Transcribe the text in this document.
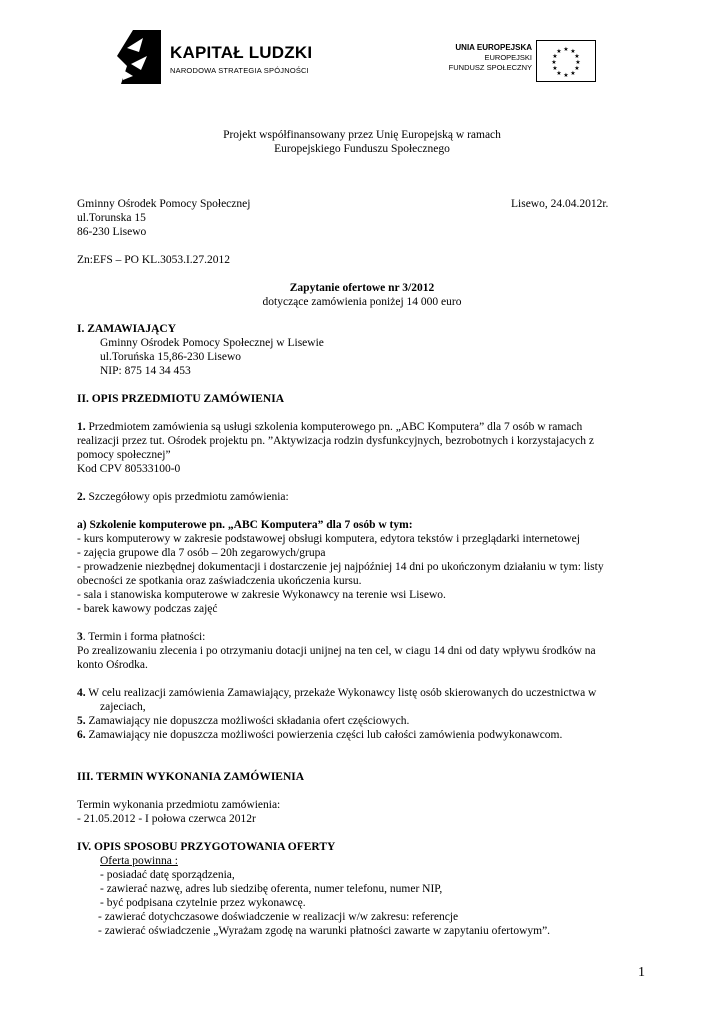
KAPITAŁ LUDZKI
NARODOWA STRATEGIA SPÓJNOŚCI
UNIA EUROPEJSKA
EUROPEJSKI
FUNDUSZ SPOŁECZNY
★ ★
★
★
★
★
★
★
★
★
★
★
Projekt współfinansowany przez Unię Europejską w ramach
Europejskiego Funduszu Społecznego
Gminny Ośrodek Pomocy Społecznej	Lisewo, 24.04.2012r.
ul.Torunska 15
86-230 Lisewo
Zn:EFS – PO KL.3053.I.27.2012
Zapytanie ofertowe nr 3/2012
dotyczące zamówienia poniżej 14 000 euro
I. ZAMAWIAJĄCY
Gminny Ośrodek Pomocy Społecznej w Lisewie
ul.Toruńska 15,86-230 Lisewo
NIP: 875 14 34 453
II. OPIS PRZEDMIOTU ZAMÓWIENIA
1. Przedmiotem zamówienia są usługi szkolenia komputerowego pn. „ABC Komputera” dla 7 osób w ramach
realizacji przez tut. Ośrodek projektu pn. ”Aktywizacja rodzin dysfunkcyjnych, bezrobotnych i korzystajacych z
pomocy społecznej”
Kod CPV 80533100-0
2. Szczegółowy opis przedmiotu zamówienia:
a) Szkolenie komputerowe pn. „ABC Komputera” dla 7 osób w tym:
- kurs komputerowy w zakresie podstawowej obsługi komputera, edytora tekstów i przeglądarki internetowej
- zajęcia grupowe dla 7 osób – 20h zegarowych/grupa
- prowadzenie niezbędnej dokumentacji i dostarczenie jej najpóźniej 14 dni po ukończonym działaniu w tym: listy
obecności ze spotkania oraz zaświadczenia ukończenia kursu.
- sala i stanowiska komputerowe w zakresie Wykonawcy na terenie wsi Lisewo.
- barek kawowy podczas zajęć
3. Termin i forma płatności:
Po zrealizowaniu zlecenia i po otrzymaniu dotacji unijnej na ten cel, w ciagu 14 dni od daty wpływu środków na
konto Ośrodka.
4. W celu realizacji zamówienia Zamawiający, przekaże Wykonawcy listę osób skierowanych do uczestnictwa w
zajeciach,
5. Zamawiający nie dopuszcza możliwości składania ofert częściowych.
6. Zamawiający nie dopuszcza możliwości powierzenia części lub całości zamówienia podwykonawcom.
III. TERMIN WYKONANIA ZAMÓWIENIA
Termin wykonania przedmiotu zamówienia:
- 21.05.2012 - I połowa czerwca 2012r
IV. OPIS SPOSOBU PRZYGOTOWANIA OFERTY
Oferta powinna :
- posiadać datę sporządzenia,
- zawierać nazwę, adres lub siedzibę oferenta, numer telefonu, numer NIP,
- być podpisana czytelnie przez wykonawcę.
- zawierać dotychczasowe doświadczenie w realizacji w/w zakresu: referencje
- zawierać oświadczenie „Wyrażam zgodę na warunki płatności zawarte w zapytaniu ofertowym”.
1
